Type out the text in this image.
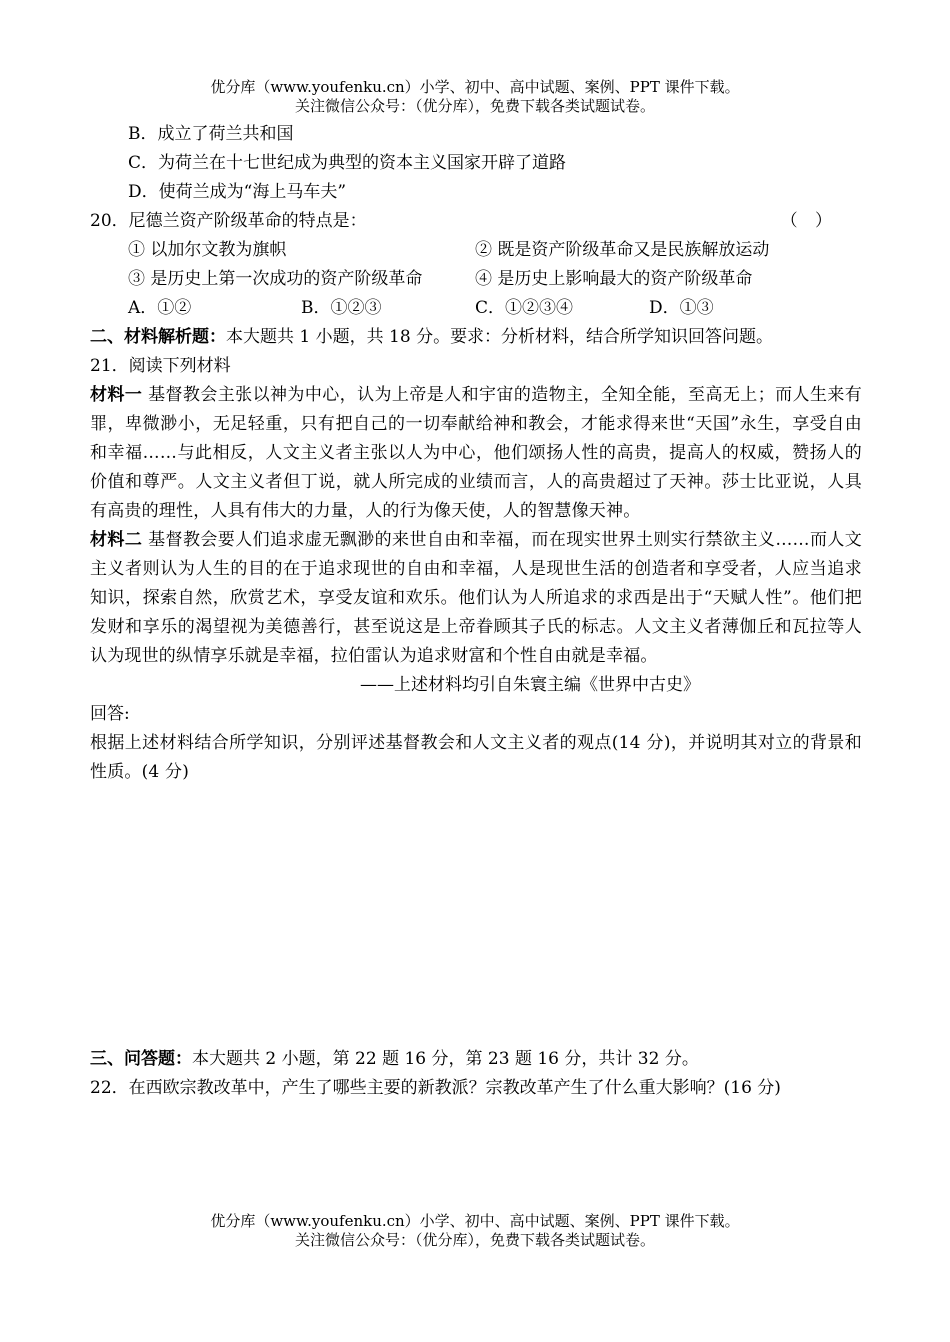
优分库（www.youfenku.cn）小学、初中、高中试题、案例、PPT 课件下载。
关注微信公众号：（优分库），免费下载各类试题试卷。
B．成立了荷兰共和国
C．为荷兰在十七世纪成为典型的资本主义国家开辟了道路
D．使荷兰成为“海上马车夫”
20．尼德兰资产阶级革命的特点是：	（ ）
① 以加尔文教为旗帜	② 既是资产阶级革命又是民族解放运动
③ 是历史上第一次成功的资产阶级革命	④ 是历史上影响最大的资产阶级革命
A．①②	B．①②③	C．①②③④	D．①③
二、材料解析题：本大题共 1 小题，共 18 分。要求：分析材料，结合所学知识回答问题。
21．阅读下列材料
材料一 基督教会主张以神为中心，认为上帝是人和宇宙的造物主，全知全能，至高无上；而人生来有罪，卑微渺小，无足轻重，只有把自己的一切奉献给神和教会，才能求得来世“天国”永生，享受自由和幸福……与此相反，人文主义者主张以人为中心，他们颂扬人性的高贵，提高人的权威，赞扬人的价值和尊严。人文主义者但丁说，就人所完成的业绩而言，人的高贵超过了天神。莎士比亚说，人具有高贵的理性，人具有伟大的力量，人的行为像天使，人的智慧像天神。
材料二 基督教会要人们追求虚无飘渺的来世自由和幸福，而在现实世界土则实行禁欲主义……而人文主义者则认为人生的目的在于追求现世的自由和幸福，人是现世生活的创造者和享受者，人应当追求知识，探索自然，欣赏艺术，享受友谊和欢乐。他们认为人所追求的求西是出于“天赋人性”。他们把发财和享乐的渴望视为美德善行，甚至说这是上帝眷顾其子氏的标志。人文主义者薄伽丘和瓦拉等人认为现世的纵情享乐就是幸福，拉伯雷认为追求财富和个性自由就是幸福。
——上述材料均引自朱寰主编《世界中古史》
回答:
根据上述材料结合所学知识，分别评述基督教会和人文主义者的观点(14 分)，并说明其对立的背景和性质。(4 分)
三、问答题：本大题共 2 小题，第 22 题 16 分，第 23 题 16 分，共计 32 分。
22．在西欧宗教改革中，产生了哪些主要的新教派？宗教改革产生了什么重大影响？(16 分)
优分库（www.youfenku.cn）小学、初中、高中试题、案例、PPT 课件下载。
关注微信公众号：（优分库），免费下载各类试题试卷。
